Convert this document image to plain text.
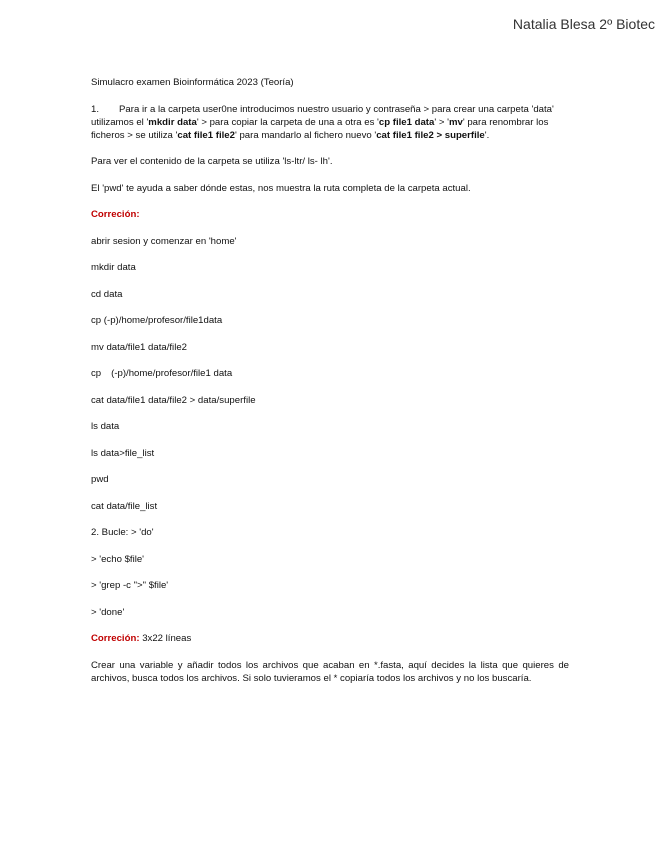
Natalia Blesa 2º Biotec

Simulacro examen Bioinformática 2023 (Teoría)

1. Para ir a la carpeta user0ne introducimos nuestro usuario y contraseña > para crear una carpeta 'data' utilizamos el 'mkdir data' > para copiar la carpeta de una a otra es 'cp file1 data' > 'mv' para renombrar los ficheros > se utiliza 'cat file1 file2' para mandarlo al fichero nuevo 'cat file1 file2 > superfile'.

Para ver el contenido de la carpeta se utiliza 'ls-ltr/ ls- lh'.

El 'pwd' te ayuda a saber dónde estas, nos muestra la ruta completa de la carpeta actual.

Correción:

abrir sesion y comenzar en 'home'

mkdir data

cd data

cp (-p)/home/profesor/file1data

mv data/file1 data/file2

cp (-p)/home/profesor/file1 data

cat data/file1 data/file2 > data/superfile

ls data

ls data>file_list

pwd

cat data/file_list

2. Bucle: > 'do'

> 'echo $file'

> 'grep -c ">" $file'

> 'done'

Correción: 3x22 líneas

Crear una variable y añadir todos los archivos que acaban en *.fasta, aquí decides la lista que quieres de archivos, busca todos los archivos. Si solo tuvieramos el * copiaría todos los archivos y no los buscaría.
